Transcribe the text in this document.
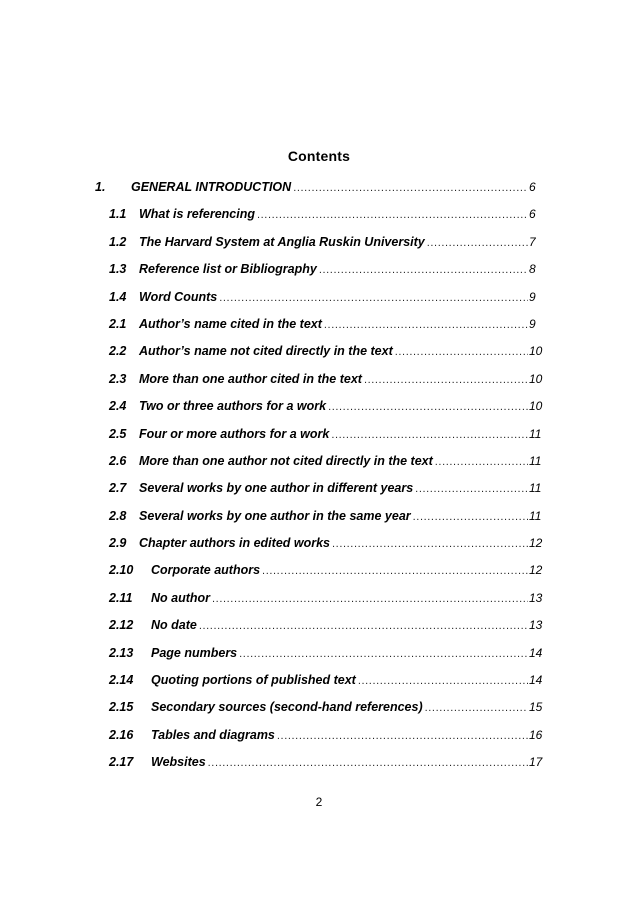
Contents
1.	GENERAL INTRODUCTION .....	6
1.1	What is referencing .....	6
1.2	The Harvard System at Anglia Ruskin University .....	7
1.3	Reference list or Bibliography .....	8
1.4	Word Counts .....	9
2.1	Author’s name cited in the text .....	9
2.2	Author’s name not cited directly in the text .....	10
2.3	More than one author cited in the text .....	10
2.4	Two or three authors for a work .....	10
2.5	Four or more authors for a work .....	11
2.6	More than one author not cited directly in the text .....	11
2.7	Several works by one author in different years .....	11
2.8	Several works by one author in the same year .....	11
2.9	Chapter authors in edited works .....	12
2.10	Corporate authors .....	12
2.11	No author .....	13
2.12	No date .....	13
2.13	Page numbers .....	14
2.14	Quoting portions of published text .....	14
2.15	Secondary sources (second-hand references) .....	15
2.16	Tables and diagrams .....	16
2.17	Websites .....	17
2
